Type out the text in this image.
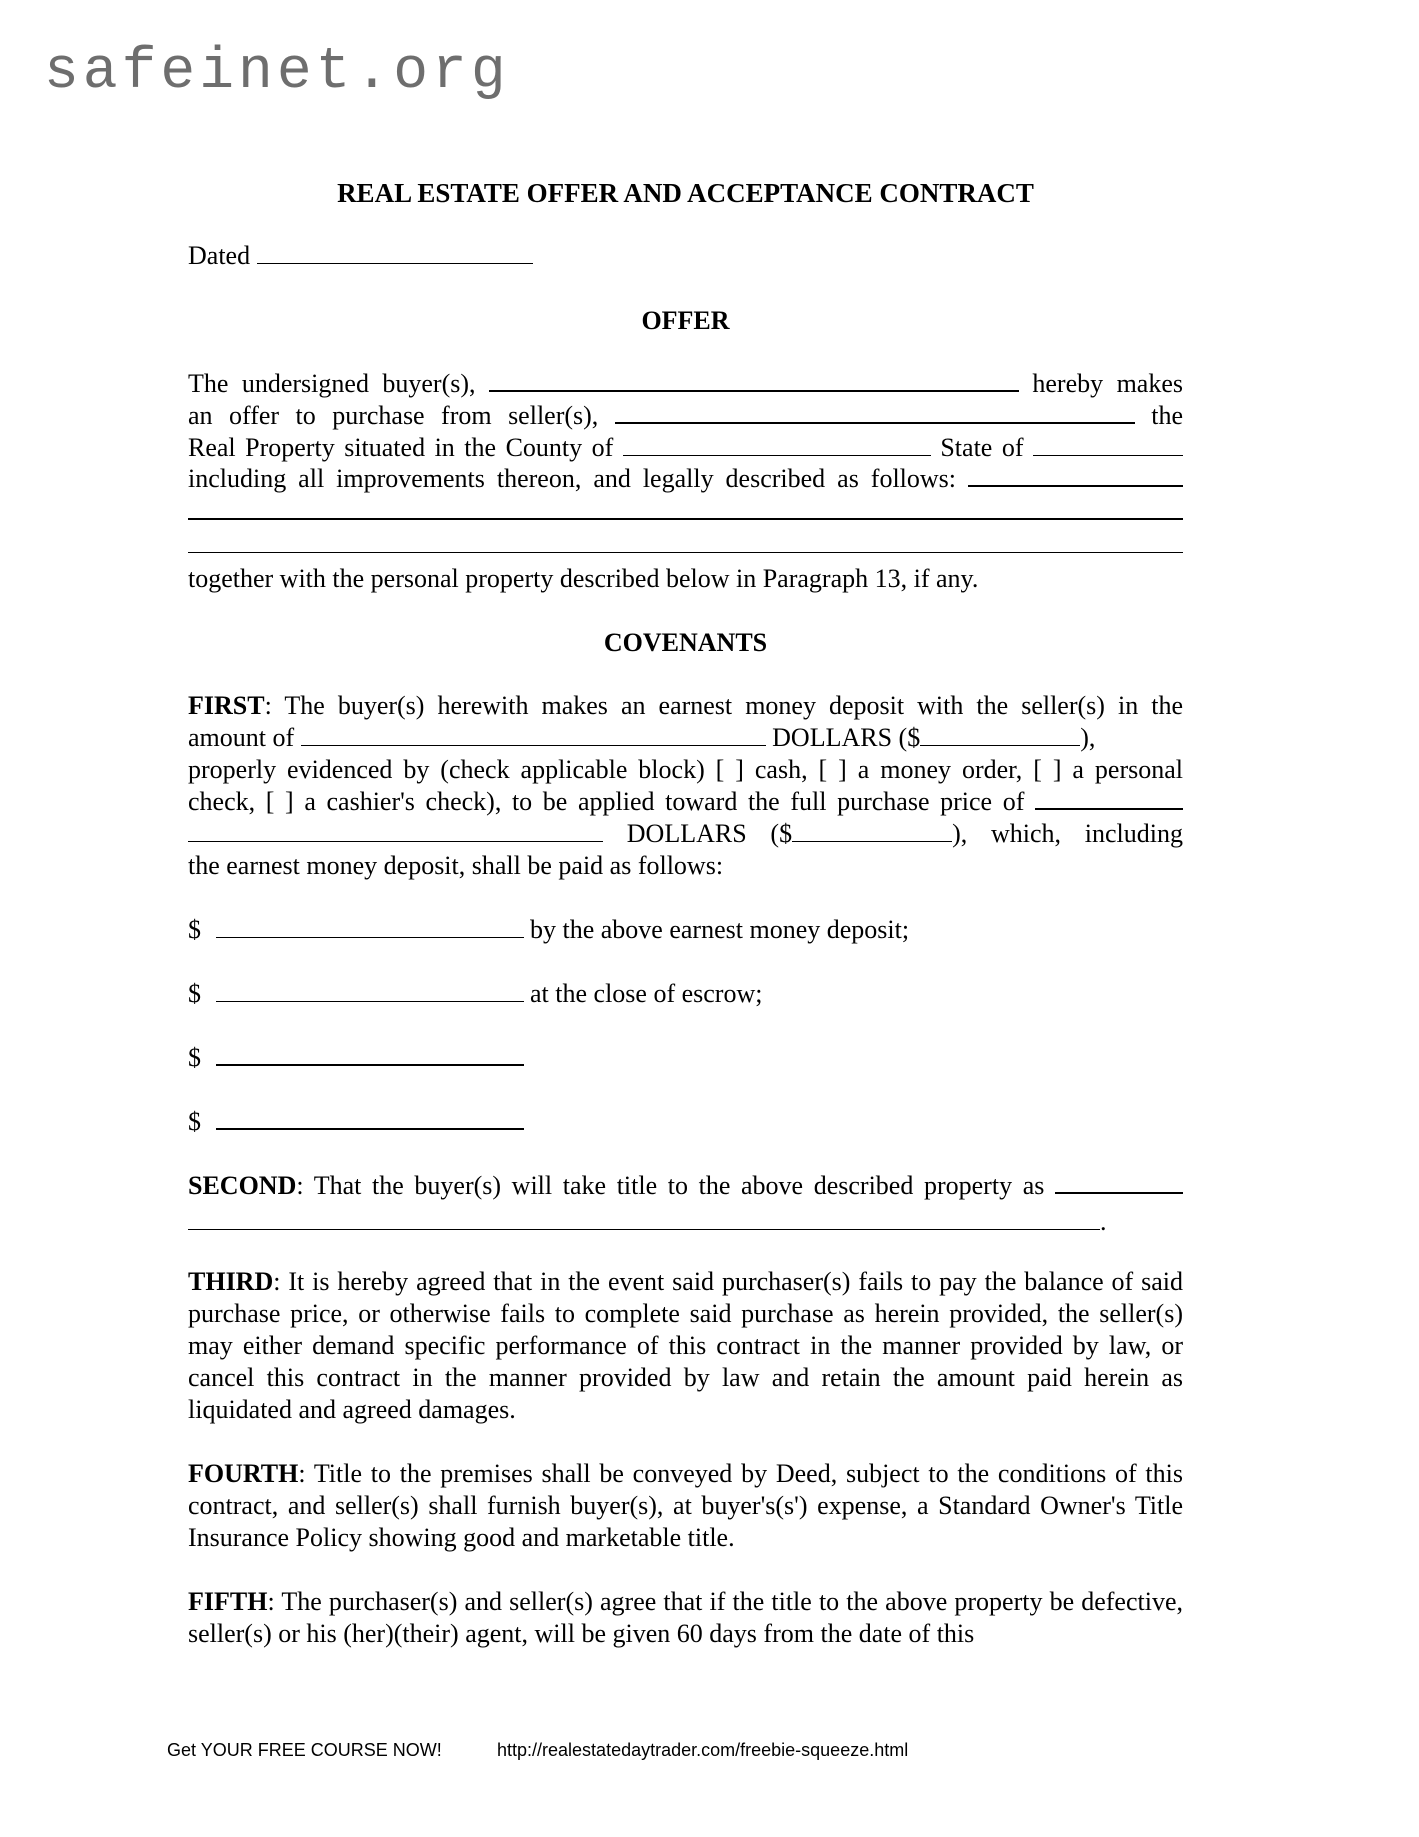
safeinet.org
REAL ESTATE OFFER AND ACCEPTANCE CONTRACT
Dated
OFFER
The undersigned buyer(s),	hereby makes
an offer to purchase from seller(s),	the
Real Property situated in the County of	State of
including all improvements thereon, and legally described as follows:
together with the personal property described below in Paragraph 13, if any.
COVENANTS
FIRST: The buyer(s) herewith makes an earnest money deposit with the seller(s) in the
amount of	DOLLARS ($	),
properly evidenced by (check applicable block) [ ] cash, [ ] a money order, [ ] a personal
check, [ ] a cashier's check), to be applied toward the full purchase price of
DOLLARS ($	), which, including
the earnest money deposit, shall be paid as follows:
$	by the above earnest money deposit;
$	at the close of escrow;
$
$
SECOND: That the buyer(s) will take title to the above described property as
.
THIRD: It is hereby agreed that in the event said purchaser(s) fails to pay the balance of said purchase price, or otherwise fails to complete said purchase as herein provided, the seller(s) may either demand specific performance of this contract in the manner provided by law, or cancel this contract in the manner provided by law and retain the amount paid herein as liquidated and agreed damages.
FOURTH: Title to the premises shall be conveyed by Deed, subject to the conditions of this contract, and seller(s) shall furnish buyer(s), at buyer's(s') expense, a Standard Owner's Title Insurance Policy showing good and marketable title.
FIFTH: The purchaser(s) and seller(s) agree that if the title to the above property be defective, seller(s) or his (her)(their) agent, will be given 60 days from the date of this
Get YOUR FREE COURSE NOW!	http://realestatedaytrader.com/freebie-squeeze.html
